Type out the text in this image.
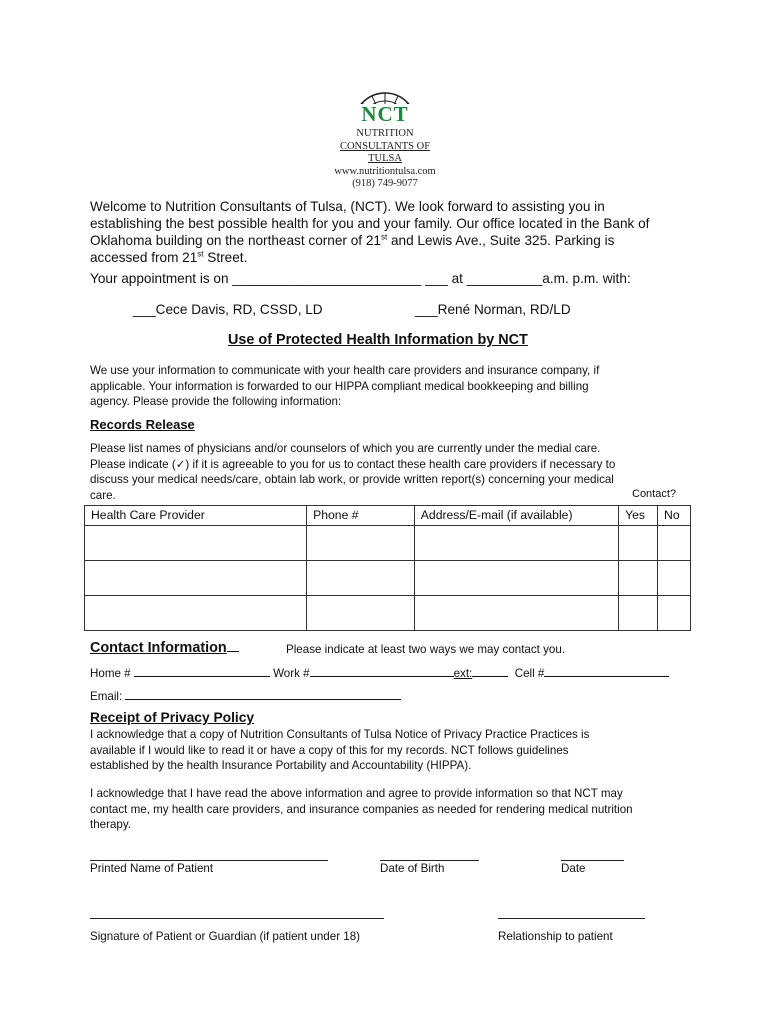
NCT
NUTRITION
CONSULTANTS OF TULSA
www.nutritiontulsa.com
(918) 749-9077
Welcome to Nutrition Consultants of Tulsa, (NCT). We look forward to assisting you in
establishing the best possible health for you and your family. Our office located in the Bank of
Oklahoma building on the northeast corner of 21st and Lewis Ave., Suite 325. Parking is
accessed from 21st Street.
Your appointment is on _________________________ ___ at __________a.m. p.m. with:
___Cece Davis, RD, CSSD, LD	___René Norman, RD/LD
Use of Protected Health Information by NCT
We use your information to communicate with your health care providers and insurance company, if
applicable. Your information is forwarded to our HIPPA compliant medical bookkeeping and billing
agency. Please provide the following information:
Records Release
Please list names of physicians and/or counselors of which you are currently under the medial care.
Please indicate (✓) if it is agreeable to you for us to contact these health care providers if necessary to
discuss your medical needs/care, obtain lab work, or provide written report(s) concerning your medical
care.	Contact?
Health Care Provider	Phone #	Address/E-mail (if available)	Yes	No

Contact Information	Please indicate at least two ways we may contact you.
Home #	Work #	ext:	Cell #
Email:
Receipt of Privacy Policy
I acknowledge that a copy of Nutrition Consultants of Tulsa Notice of Privacy Practice Practices is
available if I would like to read it or have a copy of this for my records. NCT follows guidelines
established by the health Insurance Portability and Accountability (HIPPA).
I acknowledge that I have read the above information and agree to provide information so that NCT may
contact me, my health care providers, and insurance companies as needed for rendering medical nutrition
therapy.
Printed Name of Patient	Date of Birth	Date
Signature of Patient or Guardian (if patient under 18)	Relationship to patient
